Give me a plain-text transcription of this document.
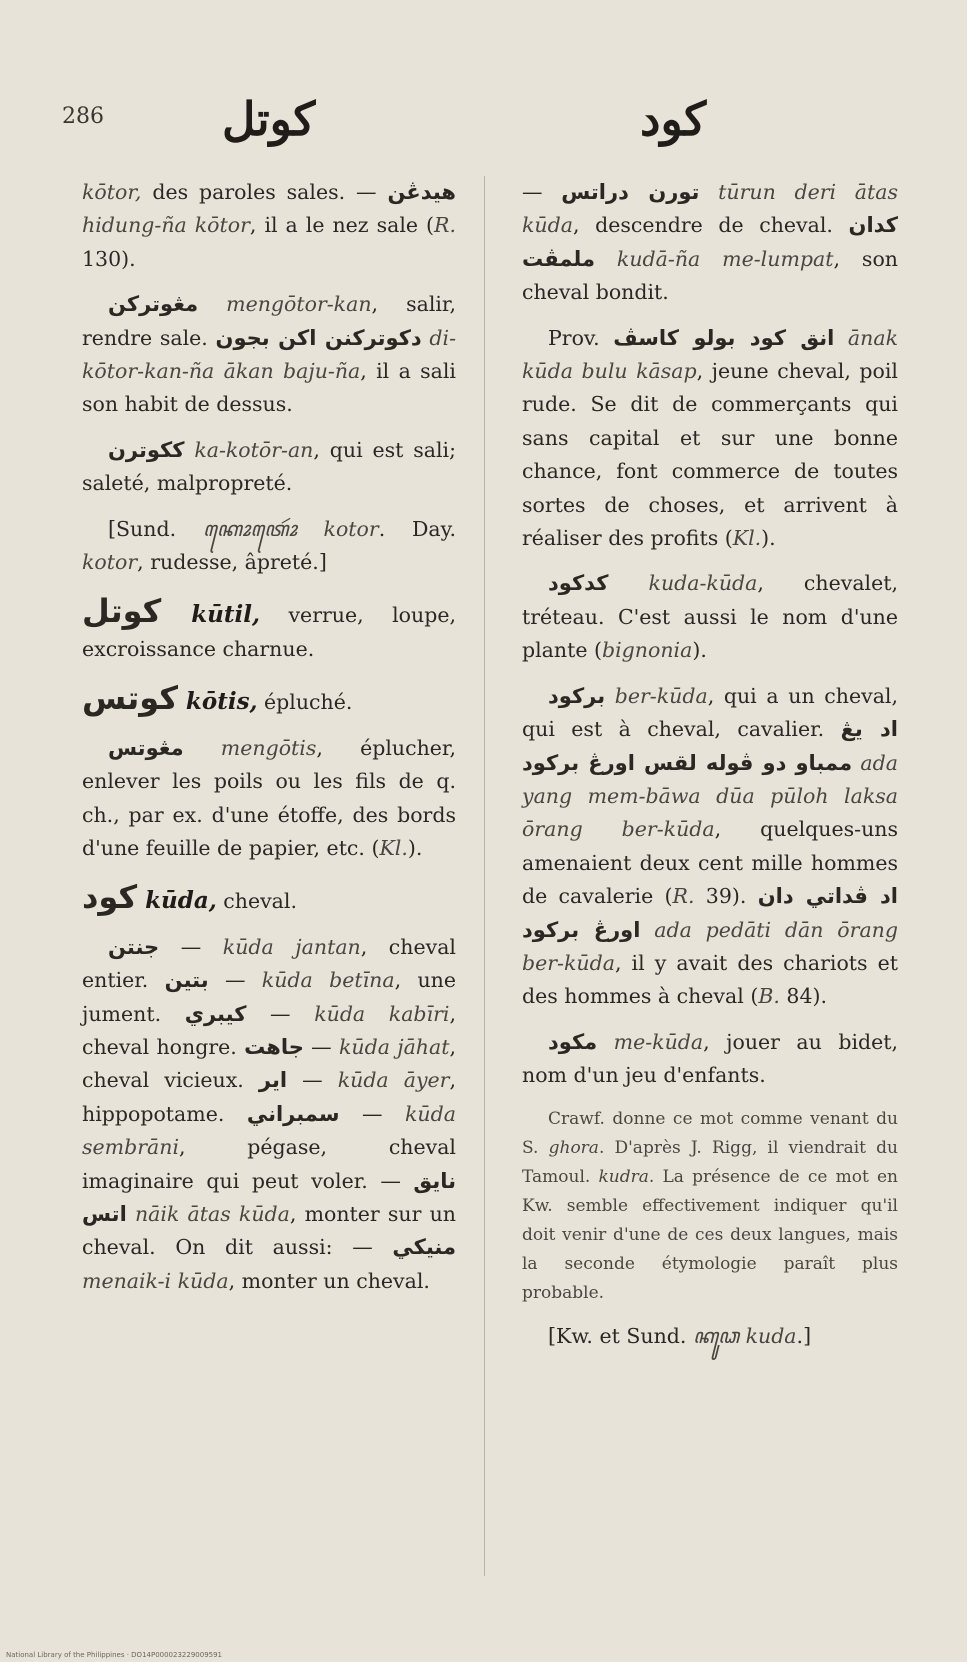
286	كوتل	كود

kōtor, des paroles sales. — هيدڠن hidung-ña kōtor, il a le nez sale (R. 130).

مڠوترکن mengōtor-kan, salir, rendre sale. دکوترکنن اکن بجون di-kōtor-kan-ña ākan baju-ña, il a sali son habit de dessus.

ککوترن ka-kotōr-an, qui est sali; saleté, malpropreté.

[Sund. ꦏꦺꦴꦠꦺꦴꦂ kotor. Day. kotor, rudesse, âpreté.]

كوتل kūtil, verrue, loupe, excroissance charnue.

كوتس kōtis, épluché.

مڠوتس mengōtis, éplucher, enlever les poils ou les fils de q. ch., par ex. d'une étoffe, des bords d'une feuille de papier, etc. (Kl.).

كود kūda, cheval.

جنتن — kūda jantan, cheval entier. بتين — kūda betīna, une jument. كيبري — kūda kabīri, cheval hongre. جاهت — kūda jāhat, cheval vicieux. اير — kūda āyer, hippopotame. سمبراني — kūda sembrāni, pégase, cheval imaginaire qui peut voler. — نايق اتس nāik ātas kūda, monter sur un cheval. On dit aussi: — منيكي menaik-i kūda, monter un cheval.

— تورن دراتس tūrun deri ātas kūda, descendre de cheval. كدان ملمڤت kudā-ña me-lumpat, son cheval bondit.

Prov. انق كود بولو كاسڤ ānak kūda bulu kāsap, jeune cheval, poil rude. Se dit de commerçants qui sans capital et sur une bonne chance, font commerce de toutes sortes de choses, et arrivent à réaliser des profits (Kl.).

كدكود kuda-kūda, chevalet, tréteau. C'est aussi le nom d'une plante (bignonia).

بركود ber-kūda, qui a un cheval, qui est à cheval, cavalier. اد يڠ ممباو دو ڤوله لقس اورڠ بركود ada yang mem-bāwa dūa pūloh laksa ōrang ber-kūda, quelques-uns amenaient deux cent mille hommes de cavalerie (R. 39). اد ڤداتي دان اورڠ بركود ada pedāti dān ōrang ber-kūda, il y avait des chariots et des hommes à cheval (B. 84).

مكود me-kūda, jouer au bidet, nom d'un jeu d'enfants.

Crawf. donne ce mot comme venant du S. ghora. D'après J. Rigg, il viendrait du Tamoul. kudra. La présence de ce mot en Kw. semble effectivement indiquer qu'il doit venir d'une de ces deux langues, mais la seconde étymologie paraît plus probable.

[Kw. et Sund. ꦏꦸꦣ kuda.]

National Library of the Philippines · DO14P000023229009591
